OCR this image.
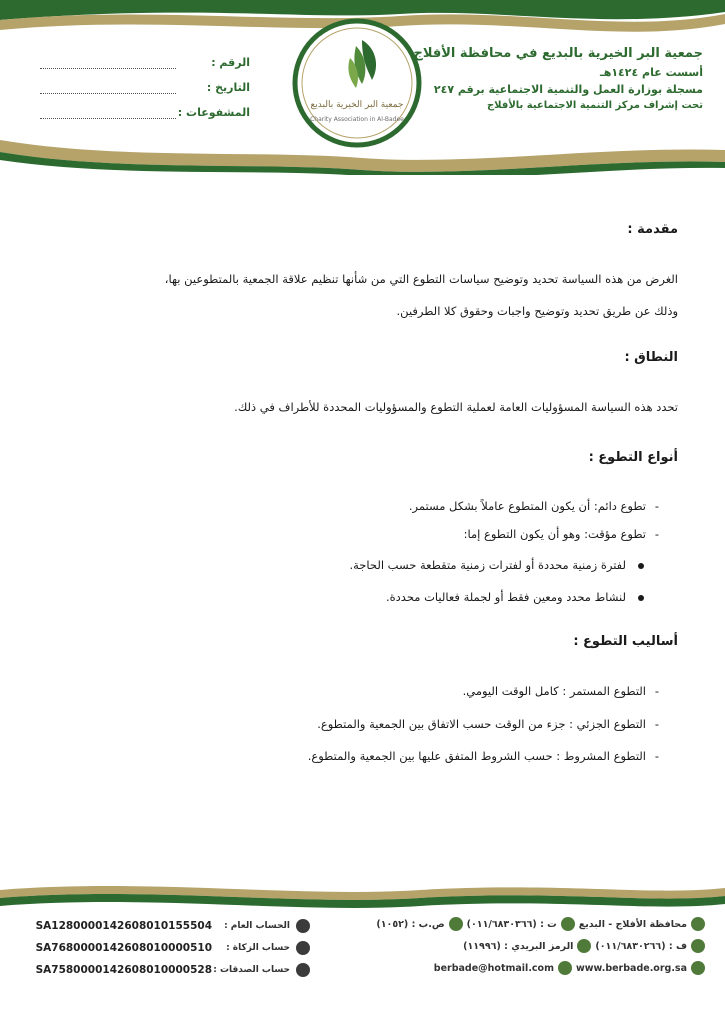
جمعية البر الخيرية بالبديع في محافظة الأفلاج
أسست عام ١٤٢٤هـ
مسجلة بوزارة العمل والتنمية الاجتماعية برقم ٢٤٧
تحت إشراف مركز التنمية الاجتماعية بالأفلاج
جمعية البر الخيرية بالبديع
Charity Association in Al-Badee
الرقم :
التاريخ :
المشفوعات :
مقدمة :
الغرض من هذه السياسة تحديد وتوضيح سياسات التطوع التي من شأنها تنظيم علاقة الجمعية بالمتطوعين بها،
وذلك عن طريق تحديد وتوضيح واجبات وحقوق كلا الطرفين.
النطاق :
تحدد هذه السياسة المسؤوليات العامة لعملية التطوع والمسؤوليات المحددة للأطراف في ذلك.
أنواع التطوع :
-تطوع دائم: أن يكون المتطوع عاملاً بشكل مستمر.
-تطوع مؤقت: وهو أن يكون التطوع إما:
لفترة زمنية محددة أو لفترات زمنية متقطعة حسب الحاجة.
لنشاط محدد ومعين فقط أو لجملة فعاليات محددة.
أساليب التطوع :
-التطوع المستمر : كامل الوقت اليومي.
-التطوع الجزئي : جزء من الوقت حسب الاتفاق بين الجمعية والمتطوع.
-التطوع المشروط : حسب الشروط المتفق عليها بين الجمعية والمتطوع.
الحساب العام :
SA1280000142608010155504
حساب الزكاة :
SA7680000142608010000510
حساب الصدقات :
SA7580000142608010000528
محافظة الأفلاج - البديع
ت : (٠١١/٦٨٣٠٣٦٦)
ص.ب : (١٠٥٢)
ف : (٠١١/٦٨٣٠٢٦٦)
الرمز البريدي : (١١٩٩٦)
www.berbade.org.sa
berbade@hotmail.com
